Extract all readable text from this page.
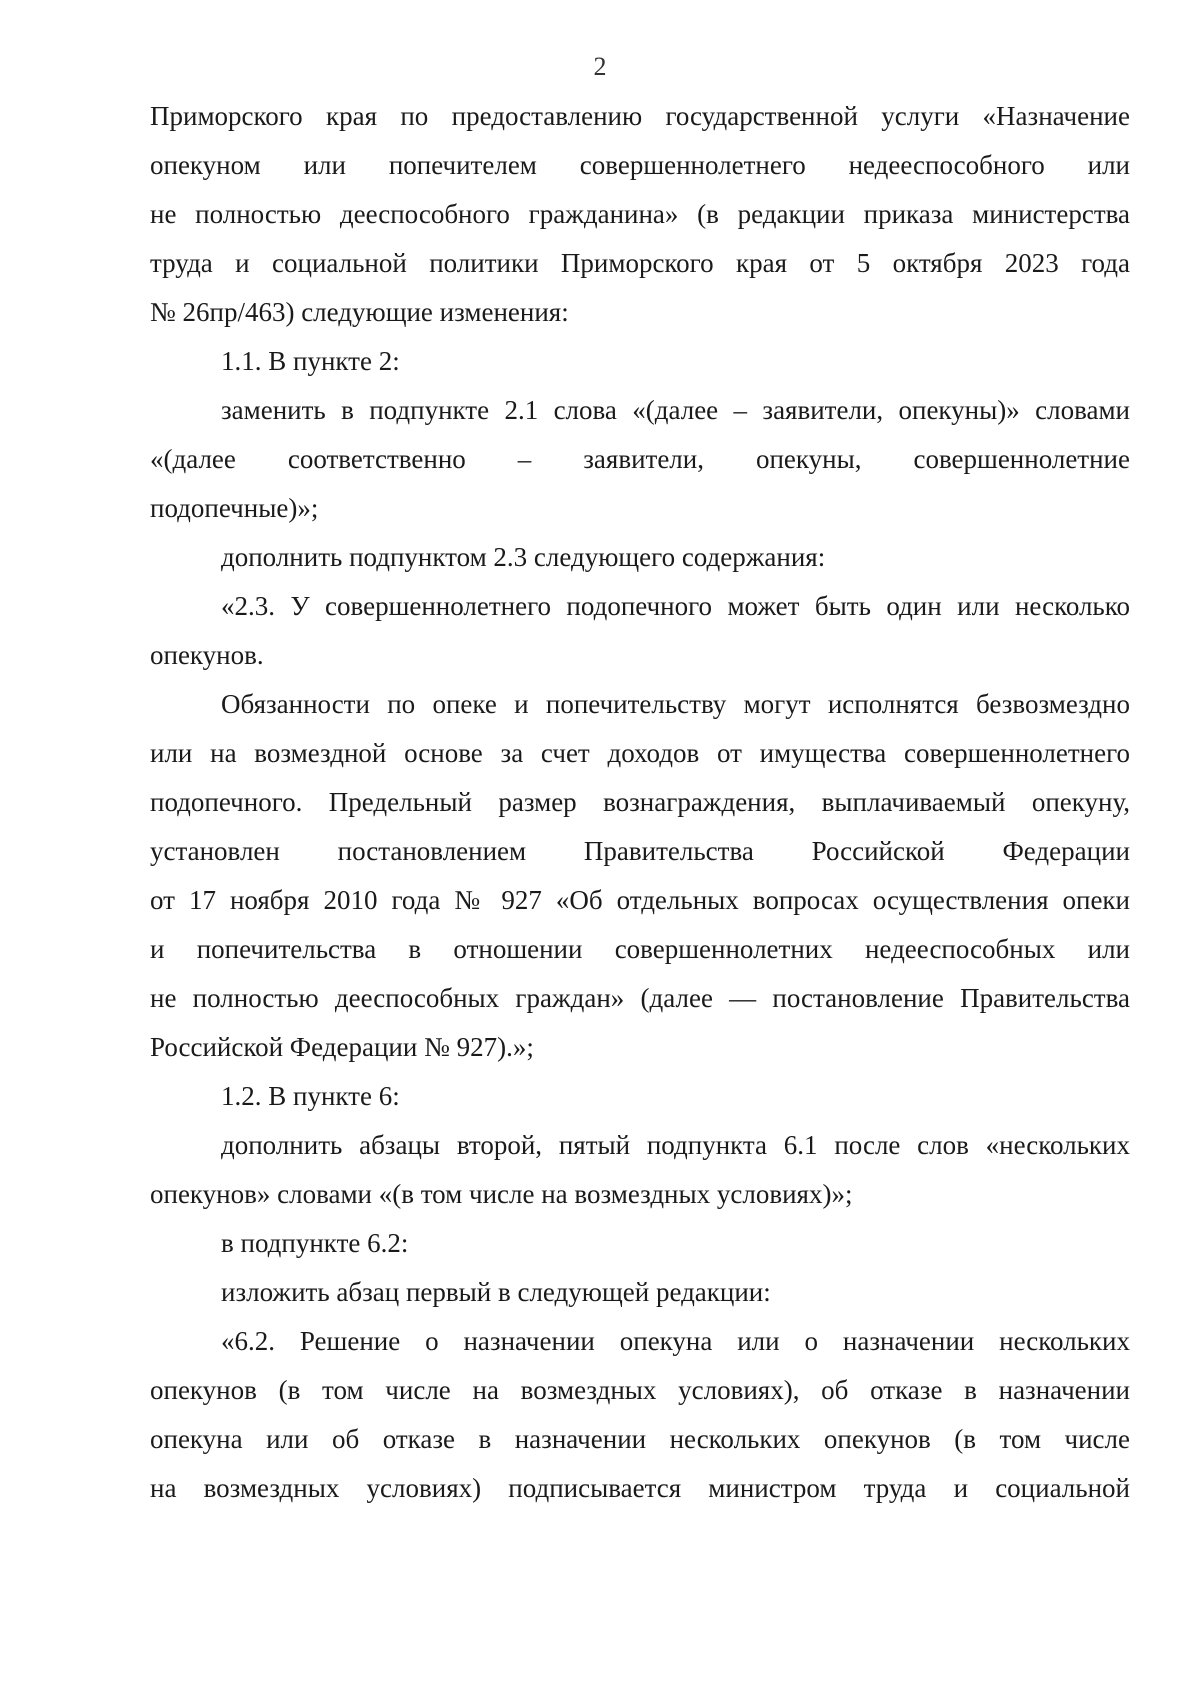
2
Приморского края по предоставлению государственной услуги «Назначение
опекуном или попечителем совершеннолетнего недееспособного или
не полностью дееспособного гражданина» (в редакции приказа министерства
труда и социальной политики Приморского края от 5 октября 2023 года
№ 26пр/463) следующие изменения:
1.1. В пункте 2:
заменить в подпункте 2.1 слова «(далее – заявители, опекуны)» словами
«(далее соответственно – заявители, опекуны, совершеннолетние
подопечные)»;
дополнить подпунктом 2.3 следующего содержания:
«2.3. У совершеннолетнего подопечного может быть один или несколько
опекунов.
Обязанности по опеке и попечительству могут исполнятся безвозмездно
или на возмездной основе за счет доходов от имущества совершеннолетнего
подопечного. Предельный размер вознаграждения, выплачиваемый опекуну,
установлен постановлением Правительства Российской Федерации
от 17 ноября 2010 года № 927 «Об отдельных вопросах осуществления опеки
и попечительства в отношении совершеннолетних недееспособных или
не полностью дееспособных граждан» (далее — постановление Правительства
Российской Федерации № 927).»;
1.2. В пункте 6:
дополнить абзацы второй, пятый подпункта 6.1 после слов «нескольких
опекунов» словами «(в том числе на возмездных условиях)»;
в подпункте 6.2:
изложить абзац первый в следующей редакции:
«6.2. Решение о назначении опекуна или о назначении нескольких
опекунов (в том числе на возмездных условиях), об отказе в назначении
опекуна или об отказе в назначении нескольких опекунов (в том числе
на возмездных условиях) подписывается министром труда и социальной
